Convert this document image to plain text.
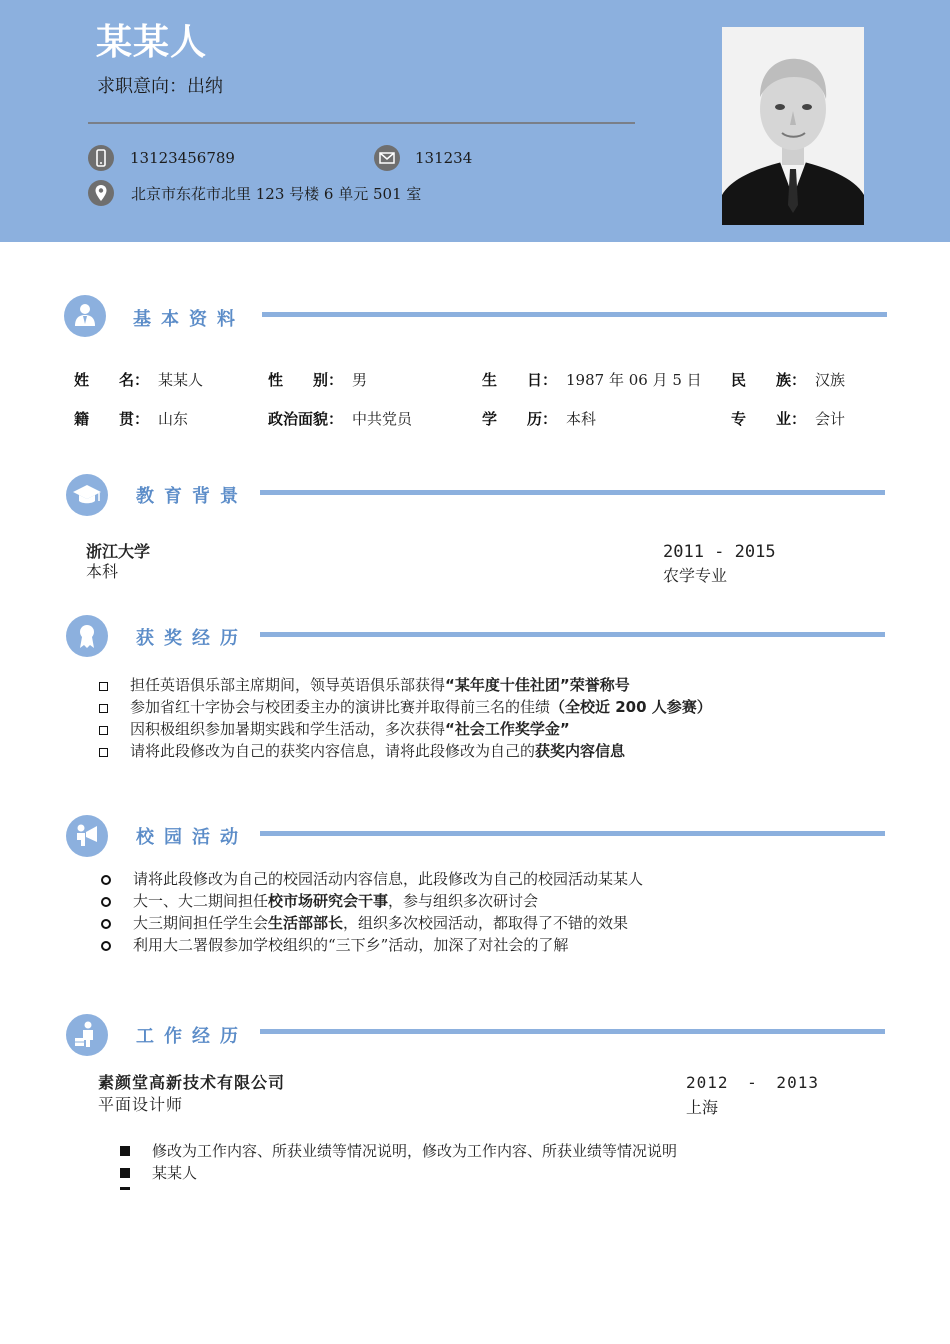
某某人
求职意向：出纳
13123456789	131234
北京市东花市北里 123 号楼 6 单元 501 室
基本资料
姓　　名： 某某人	性　　别： 男	生　　日： 1987 年 06 月 5 日 民　　族： 汉族
籍　　贯： 山东	政治面貌： 中共党员	学　　历： 本科	专　　业： 会计
教育背景
浙江大学
本科
2011 - 2015
农学专业
获奖经历
担任英语俱乐部主席期间，领导英语俱乐部获得“某年度十佳社团”荣誉称号
参加省红十字协会与校团委主办的演讲比赛并取得前三名的佳绩（全校近 200 人参赛）
因积极组织参加暑期实践和学生活动，多次获得“社会工作奖学金”
请将此段修改为自己的获奖内容信息，请将此段修改为自己的获奖内容信息
校园活动
请将此段修改为自己的校园活动内容信息，此段修改为自己的校园活动某某人
大一、大二期间担任校市场研究会干事，参与组织多次研讨会
大三期间担任学生会生活部部长，组织多次校园活动，都取得了不错的效果
利用大二署假参加学校组织的“三下乡”活动，加深了对社会的了解
工作经历
素颜堂高新技术有限公司
平面设计师
2012 - 2013
上海
修改为工作内容、所获业绩等情况说明，修改为工作内容、所获业绩等情况说明
某某人
